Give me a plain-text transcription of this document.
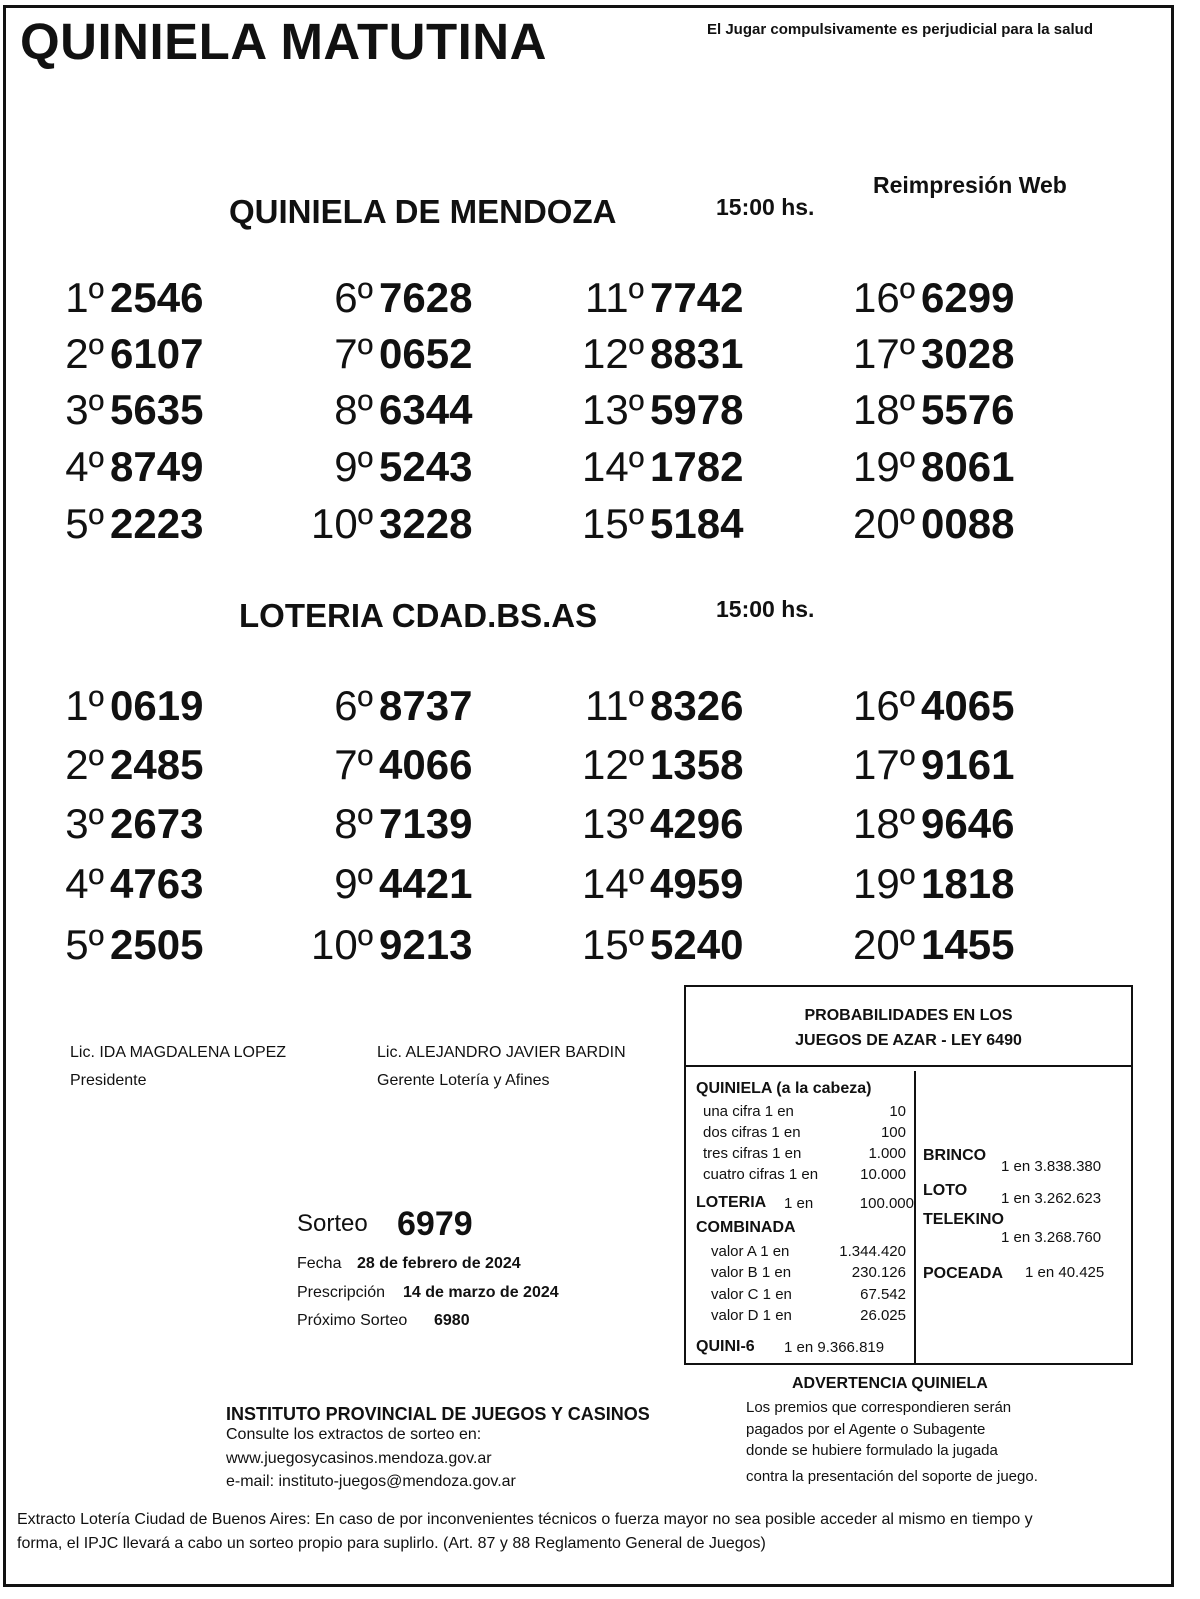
QUINIELA MATUTINA	El Jugar compulsivamente es perjudicial para la salud
Reimpresión Web
QUINIELA DE MENDOZA	15:00 hs.
1º 2546
2º 6107
3º 5635
4º 8749
5º 2223
6º 7628
7º 0652
8º 6344
9º 5243
10º 3228
11º 7742
12º 8831
13º 5978
14º 1782
15º 5184
16º 6299
17º 3028
18º 5576
19º 8061
20º 0088
LOTERIA CDAD.BS.AS	15:00 hs.
1º 0619
2º 2485
3º 2673
4º 4763
5º 2505
6º 8737
7º 4066
8º 7139
9º 4421
10º 9213
11º 8326
12º 1358
13º 4296
14º 4959
15º 5240
16º 4065
17º 9161
18º 9646
19º 1818
20º 1455
Lic. IDA MAGDALENA LOPEZ
Presidente
Lic. ALEJANDRO JAVIER BARDIN
Gerente Lotería y Afines
Sorteo 6979
Fecha 28 de febrero de 2024
Prescripción 14 de marzo de 2024
Próximo Sorteo 6980
PROBABILIDADES EN LOS
JUEGOS DE AZAR - LEY 6490
QUINIELA (a la cabeza)
una cifra 1 en	10
dos cifras 1 en	100
tres cifras 1 en	1.000
cuatro cifras 1 en	10.000
LOTERIA 1 en	100.000
COMBINADA
valor A 1 en	1.344.420
valor B 1 en	230.126
valor C 1 en	67.542
valor D 1 en	26.025
QUINI-6 1 en 9.366.819
BRINCO
1 en 3.838.380
LOTO 1 en 3.262.623
TELEKINO
1 en 3.268.760
POCEADA 1 en 40.425
ADVERTENCIA QUINIELA
Los premios que correspondieren serán
pagados por el Agente o Subagente
donde se hubiere formulado la jugada
contra la presentación del soporte de juego.
INSTITUTO PROVINCIAL DE JUEGOS Y CASINOS
Consulte los extractos de sorteo en:
www.juegosycasinos.mendoza.gov.ar
e-mail: instituto-juegos@mendoza.gov.ar
Extracto Lotería Ciudad de Buenos Aires: En caso de por inconvenientes técnicos o fuerza mayor no sea posible acceder al mismo en tiempo y
forma, el IPJC llevará a cabo un sorteo propio para suplirlo. (Art. 87 y 88 Reglamento General de Juegos)
